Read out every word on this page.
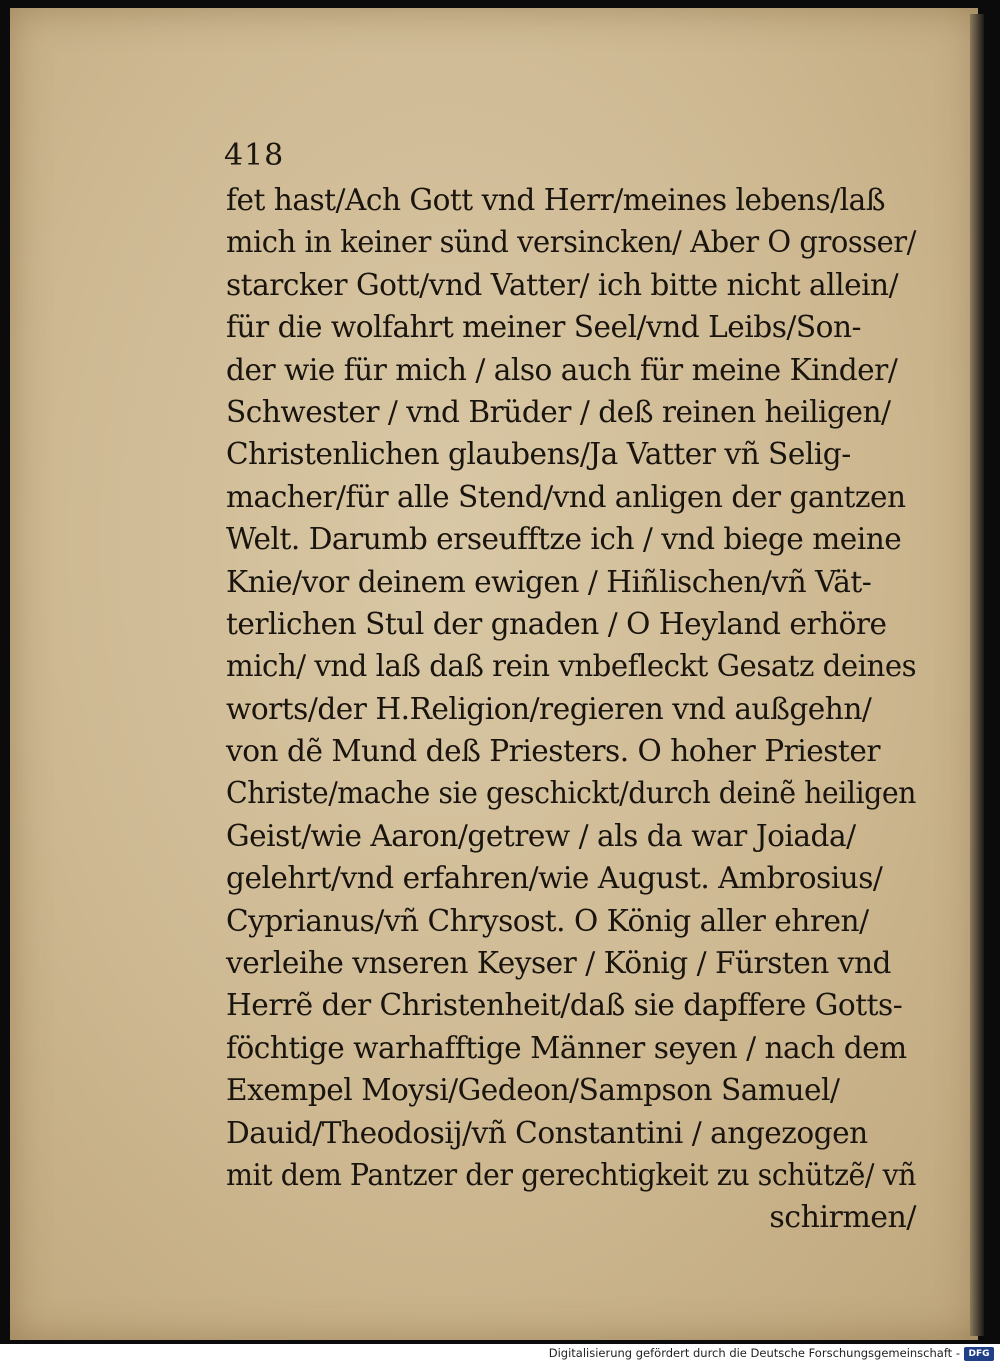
418
fet hast/Ach Gott vnd Herr/meines lebens/laß
mich in keiner sünd versincken/ Aber O grosser/
starcker Gott/vnd Vatter/ ich bitte nicht allein/
für die wolfahrt meiner Seel/vnd Leibs/Son-
der wie für mich / also auch für meine Kinder/
Schwester / vnd Brüder / deß reinen heiligen/
Christenlichen glaubens/Ja Vatter vñ Selig-
macher/für alle Stend/vnd anligen der gantzen
Welt. Darumb erseufftze ich / vnd biege meine
Knie/vor deinem ewigen / Hiñlischen/vñ Vät-
terlichen Stul der gnaden / O Heyland erhöre
mich/ vnd laß daß rein vnbefleckt Gesatz deines
worts/der H.Religion/regieren vnd außgehn/
von dẽ Mund deß Priesters. O hoher Priester
Christe/mache sie geschickt/durch deinẽ heiligen
Geist/wie Aaron/getrew / als da war Joiada/
gelehrt/vnd erfahren/wie August. Ambrosius/
Cyprianus/vñ Chrysost. O König aller ehren/
verleihe vnseren Keyser / König / Fürsten vnd
Herrẽ der Christenheit/daß sie dapffere Gotts-
föchtige warhafftige Männer seyen / nach dem
Exempel Moysi/Gedeon/Sampson Samuel/
Dauid/Theodosij/vñ Constantini / angezogen
mit dem Pantzer der gerechtigkeit zu schützẽ/ vñ
schirmen/
Digitalisierung gefördert durch die Deutsche Forschungsgemeinschaft - DFG
